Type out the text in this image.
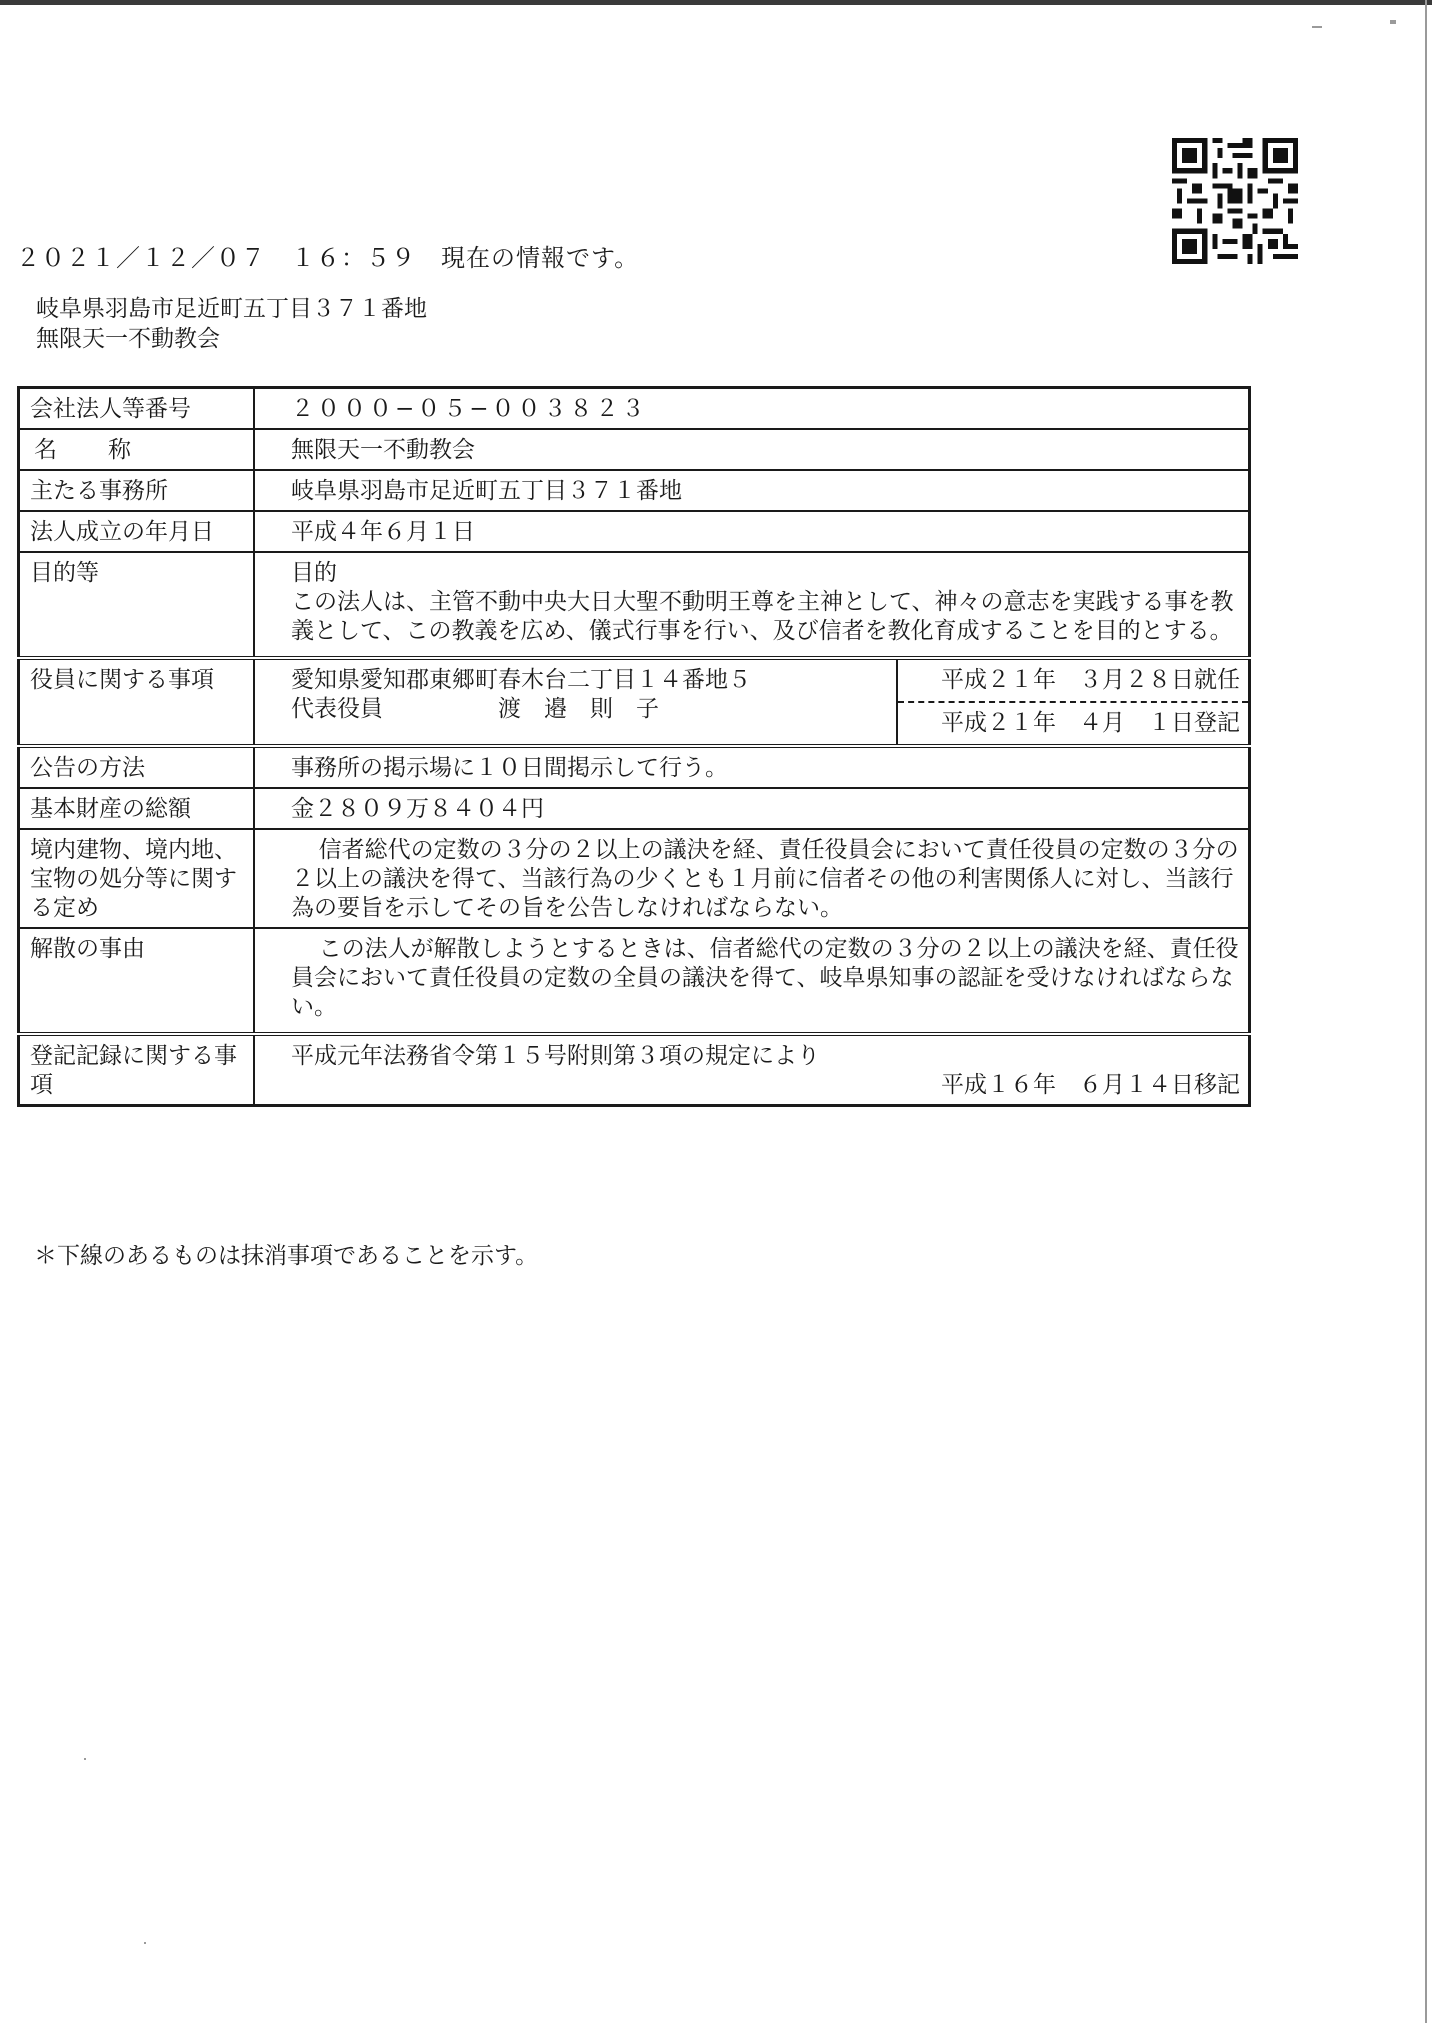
２０２１／１２／０７　１６：５９　現在の情報です。
岐阜県羽島市足近町五丁目３７１番地
無限天一不動教会
会社法人等番号	２０００−０５−００３８２３
名　称	無限天一不動教会
主たる事務所	岐阜県羽島市足近町五丁目３７１番地
法人成立の年月日	平成４年６月１日
目的等	目的
この法人は、主管不動中央大日大聖不動明王尊を主神として、神々の意志を実践する事を教義として、この教義を広め、儀式行事を行い、及び信者を教化育成することを目的とする。

役員に関する事項	愛知県愛知郡東郷町春木台二丁目１４番地５
代表役員　　　　　渡　邉　則　子
平成２１年　３月２８日就任
平成２１年　４月　１日登記

公告の方法	事務所の掲示場に１０日間掲示して行う。
基本財産の総額	金２８０９万８４０４円
境内建物、境内地、宝物の処分等に関する定め	信者総代の定数の３分の２以上の議決を経、責任役員会において責任役員の定数の３分の２以上の議決を得て、当該行為の少くとも１月前に信者その他の利害関係人に対し、当該行為の要旨を示してその旨を公告しなければならない。
解散の事由	この法人が解散しようとするときは、信者総代の定数の３分の２以上の議決を経、責任役員会において責任役員の定数の全員の議決を得て、岐阜県知事の認証を受けなければならない。
登記記録に関する事項	平成元年法務省令第１５号附則第３項の規定により
平成１６年　６月１４日移記
＊下線のあるものは抹消事項であることを示す。
